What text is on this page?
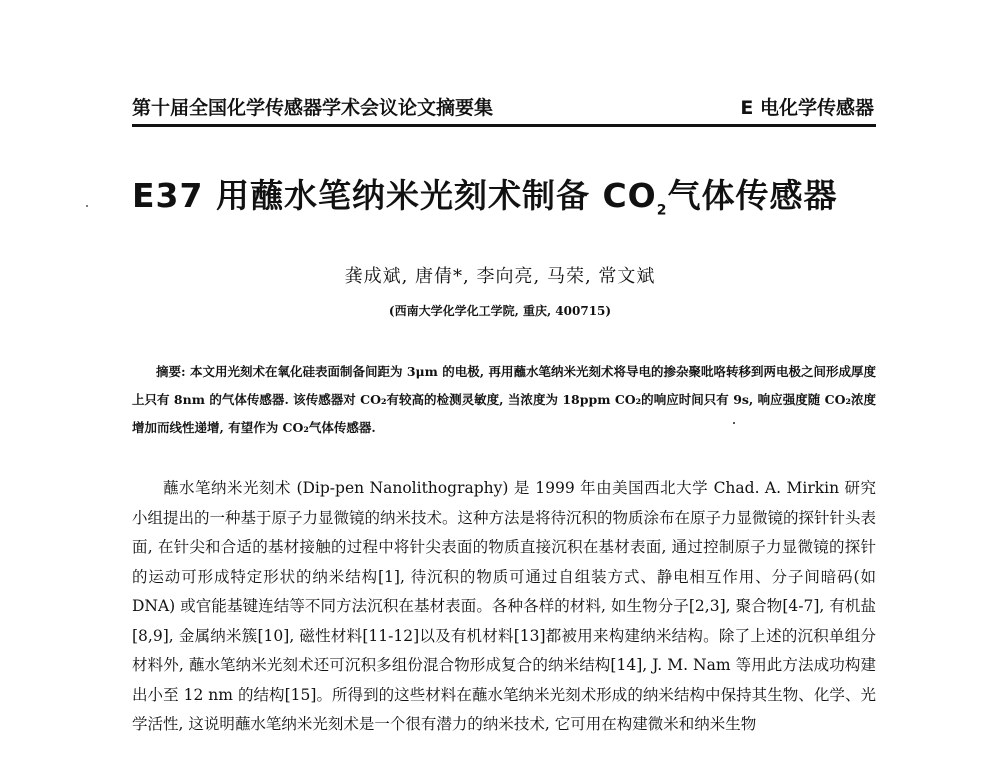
第十届全国化学传感器学术会议论文摘要集	E 电化学传感器
E37 用蘸水笔纳米光刻术制备 $CO_2$气体传感器
龚成斌, 唐倩*, 李向亮, 马荣, 常文斌
(西南大学化学化工学院, 重庆, 400715)
摘要: 本文用光刻术在氧化硅表面制备间距为 3μm 的电极, 再用蘸水笔纳米光刻术将导电的掺杂聚吡咯转移到两电极之间形成厚度上只有 8nm 的气体传感器. 该传感器对 CO₂有较高的检测灵敏度, 当浓度为 18ppm CO₂的响应时间只有 9s, 响应强度随 CO₂浓度增加而线性递增, 有望作为 CO₂气体传感器.
蘸水笔纳米光刻术 (Dip-pen Nanolithography) 是 1999 年由美国西北大学 Chad. A. Mirkin 研究小组提出的一种基于原子力显微镜的纳米技术。这种方法是将待沉积的物质涂布在原子力显微镜的探针针头表面, 在针尖和合适的基材接触的过程中将针尖表面的物质直接沉积在基材表面, 通过控制原子力显微镜的探针的运动可形成特定形状的纳米结构[1], 待沉积的物质可通过自组装方式、静电相互作用、分子间暗码(如 DNA) 或官能基键连结等不同方法沉积在基材表面。各种各样的材料, 如生物分子[2,3], 聚合物[4-7], 有机盐[8,9], 金属纳米簇[10], 磁性材料[11-12]以及有机材料[13]都被用来构建纳米结构。除了上述的沉积单组分材料外, 蘸水笔纳米光刻术还可沉积多组份混合物形成复合的纳米结构[14], J. M. Nam 等用此方法成功构建出小至 12 nm 的结构[15]。所得到的这些材料在蘸水笔纳米光刻术形成的纳米结构中保持其生物、化学、光学活性, 这说明蘸水笔纳米光刻术是一个很有潜力的纳米技术, 它可用在构建微米和纳米生物
